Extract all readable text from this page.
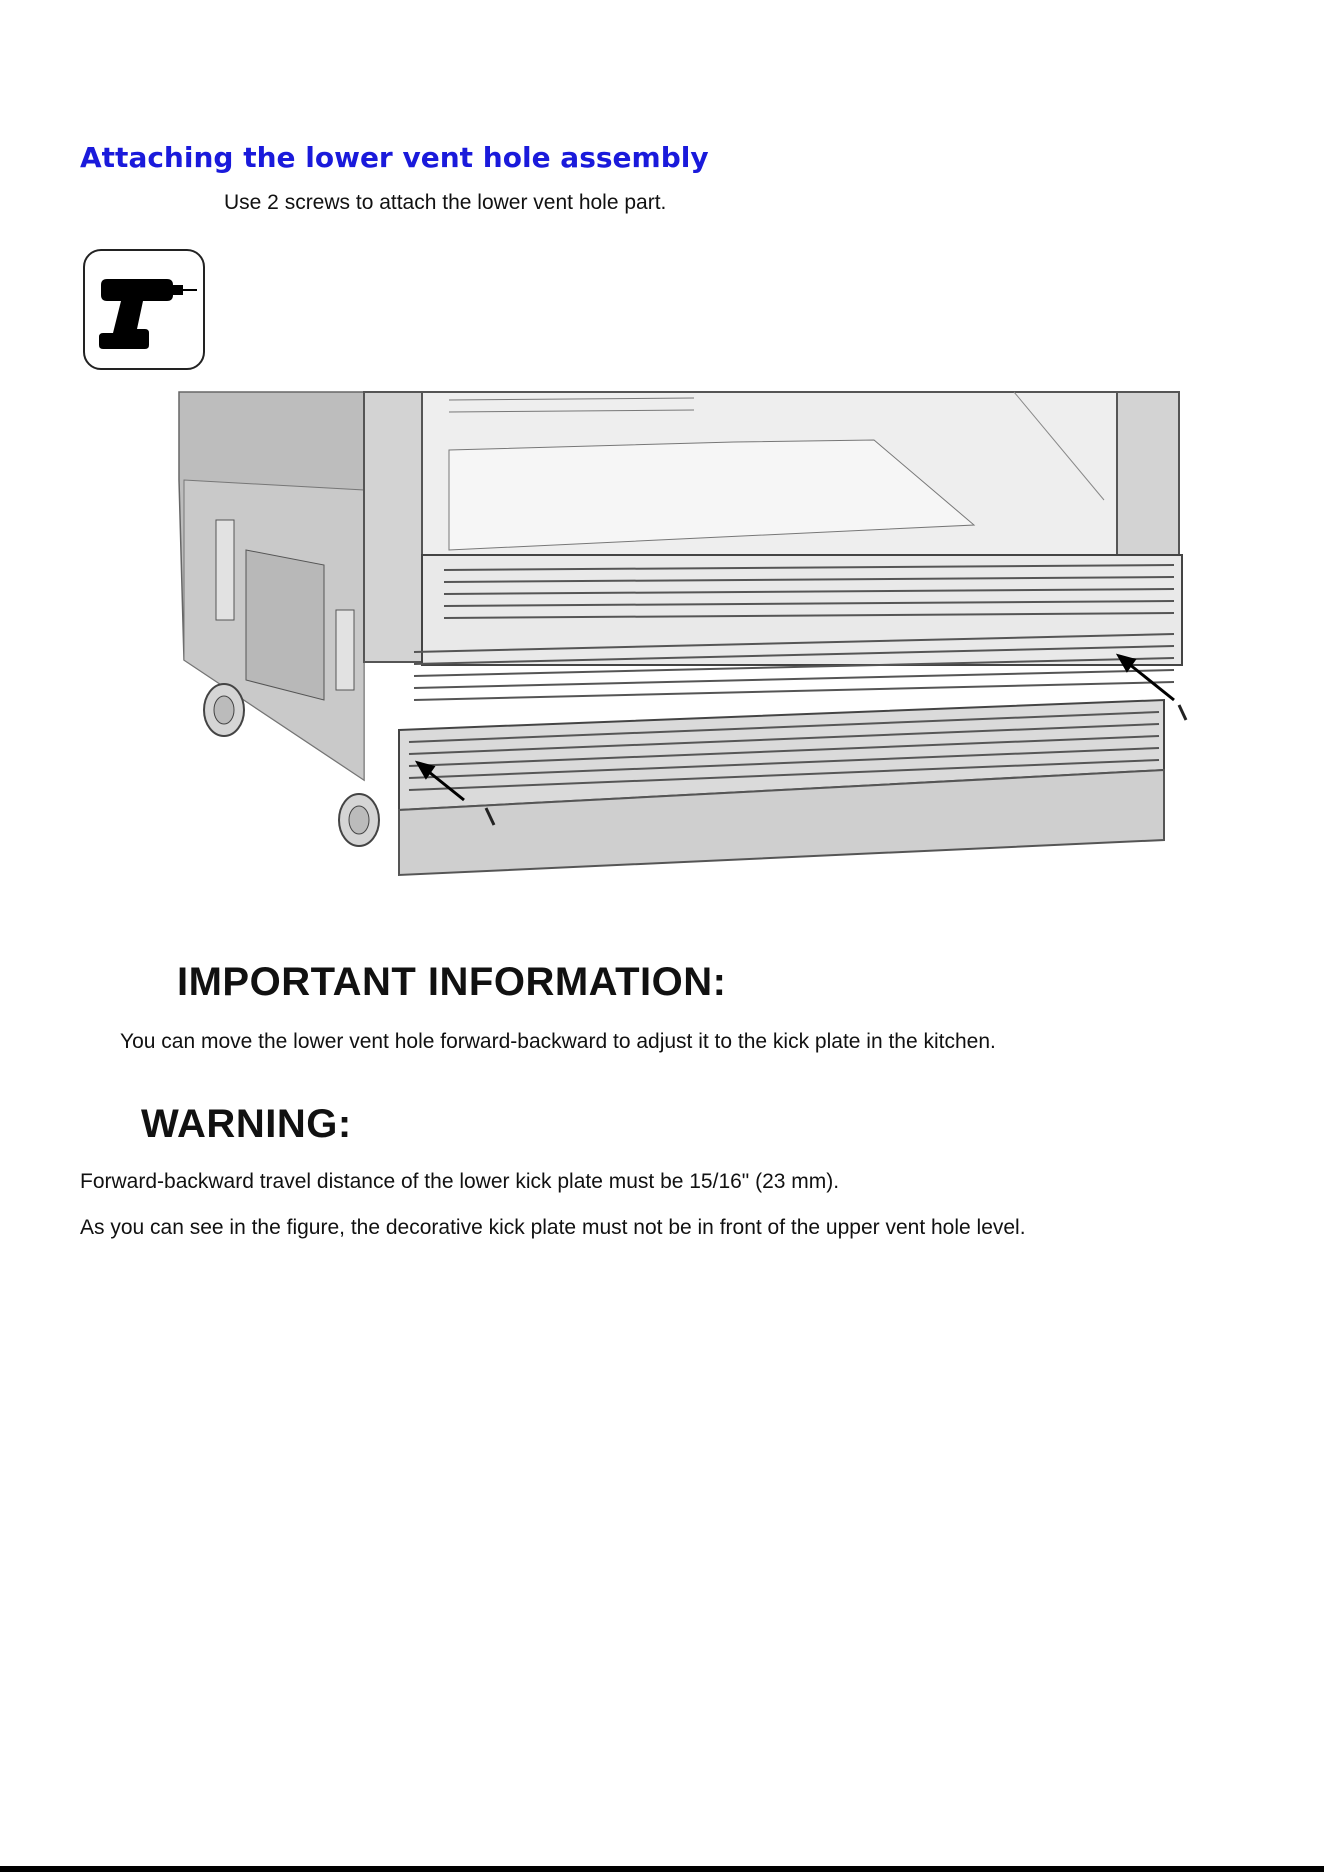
Attaching the lower vent hole assembly

Use 2 screws to attach the lower vent hole part.

IMPORTANT INFORMATION:

You can move the lower vent hole forward-backward to adjust it to the kick plate in the kitchen.

WARNING:

Forward-backward travel distance of the lower kick plate must be 15/16" (23 mm).

As you can see in the figure, the decorative kick plate must not be in front of the upper vent hole level.
